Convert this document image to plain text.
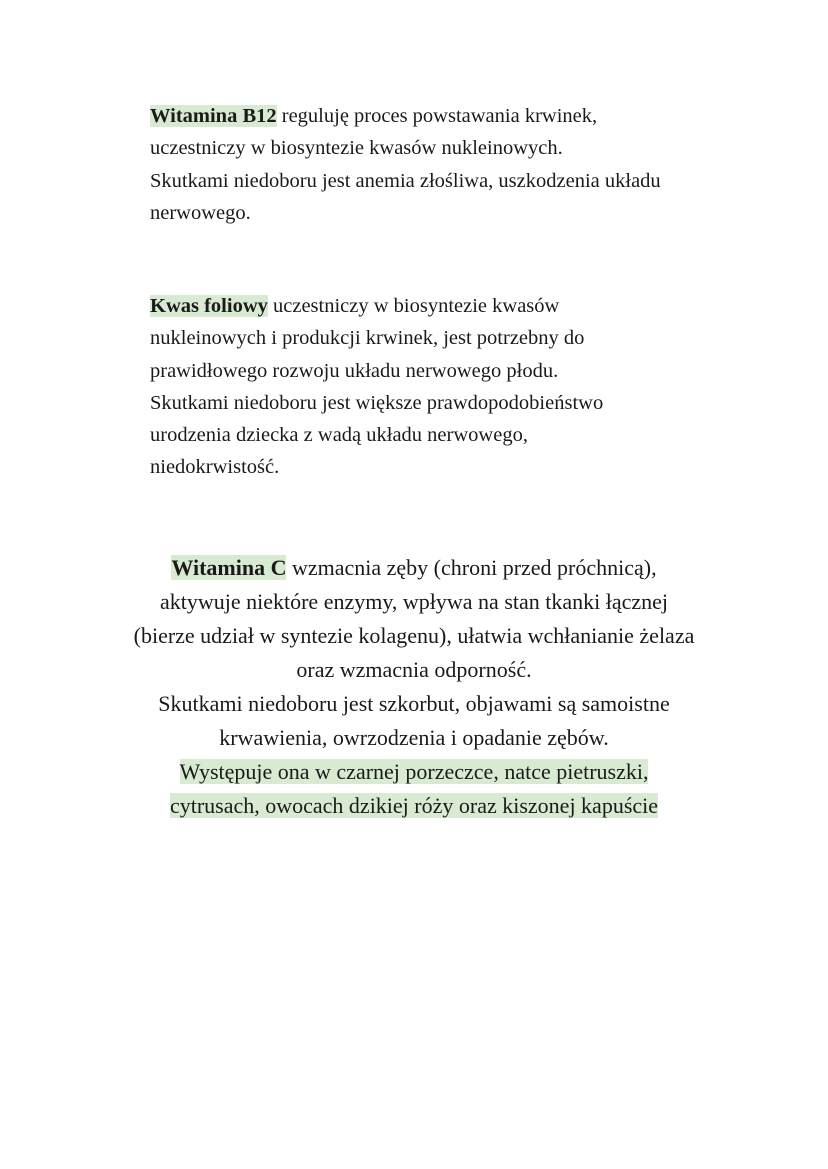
Witamina B12 reguluję proces powstawania krwinek,
uczestniczy w biosyntezie kwasów nukleinowych.
Skutkami niedoboru jest anemia złośliwa, uszkodzenia układu
nerwowego.
Kwas foliowy uczestniczy w biosyntezie kwasów
nukleinowych i produkcji krwinek, jest potrzebny do
prawidłowego rozwoju układu nerwowego płodu.
Skutkami niedoboru jest większe prawdopodobieństwo
urodzenia dziecka z wadą układu nerwowego,
niedokrwistość.
Witamina C wzmacnia zęby (chroni przed próchnicą),
aktywuje niektóre enzymy, wpływa na stan tkanki łącznej
(bierze udział w syntezie kolagenu), ułatwia wchłanianie żelaza
oraz wzmacnia odporność.
Skutkami niedoboru jest szkorbut, objawami są samoistne
krwawienia, owrzodzenia i opadanie zębów.
Występuje ona w czarnej porzeczce, natce pietruszki,
cytrusach, owocach dzikiej róży oraz kiszonej kapuście
